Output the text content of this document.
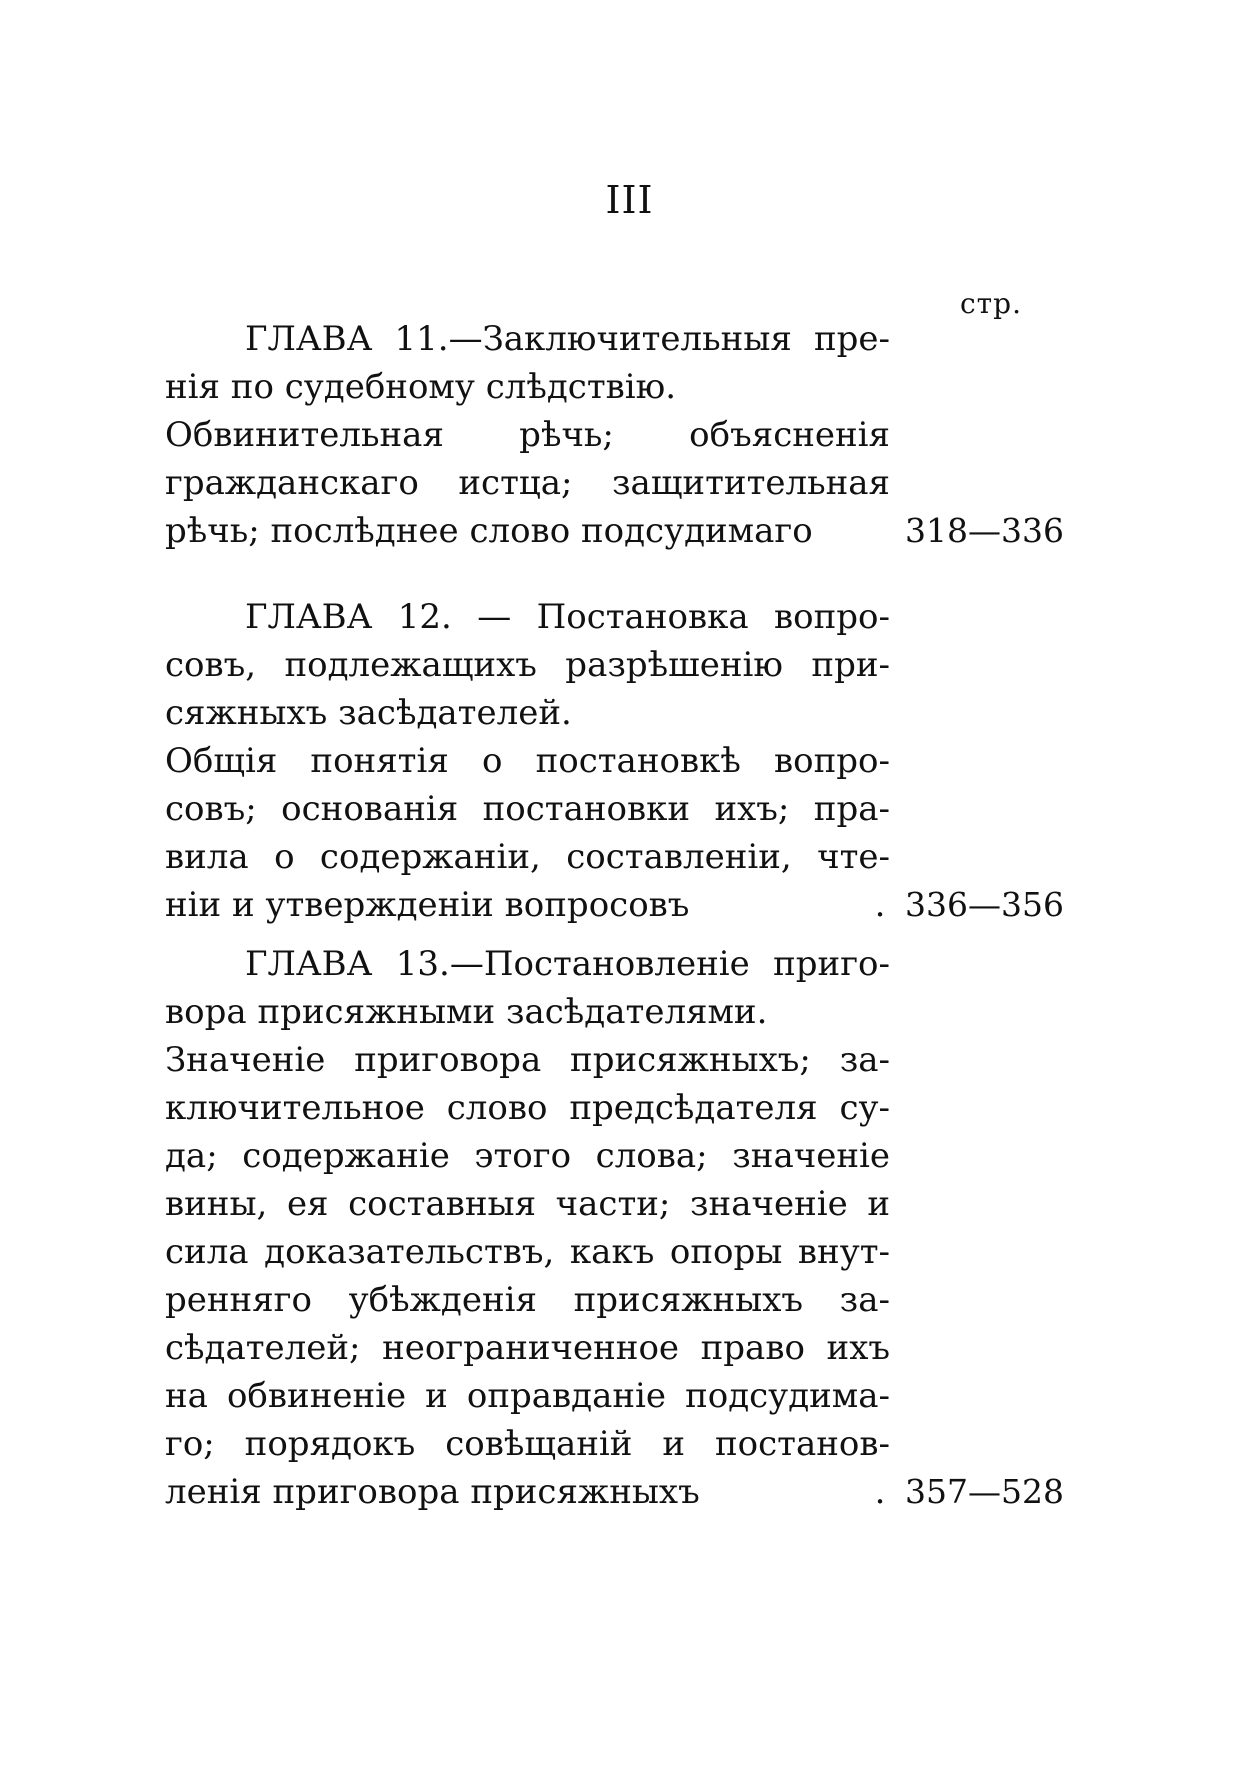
III
стр.
ГЛАВА 11.—Заключительныя пре-
нія по судебному слѣдствію.
Обвинительная рѣчь; объясненія
гражданскаго истца; защитительная
рѣчь; послѣднее слово подсудимаго	318—336
ГЛАВА 12. — Постановка вопро-
совъ, подлежащихъ разрѣшенію при-
сяжныхъ засѣдателей.
Общія понятія о постановкѣ вопро-
совъ; основанія постановки ихъ; пра-
вила о содержаніи, составленіи, чте-
ніи и утвержденіи вопросовъ	. 336—356
ГЛАВА 13.—Постановленіе приго-
вора присяжными засѣдателями.
Значеніе приговора присяжныхъ; за-
ключительное слово предсѣдателя су-
да; содержаніе этого слова; значеніе
вины, ея составныя части; значеніе и
сила доказательствъ, какъ опоры внут-
ренняго убѣжденія присяжныхъ за-
сѣдателей; неограниченное право ихъ
на обвиненіе и оправданіе подсудима-
го; порядокъ совѣщаній и постанов-
ленія приговора присяжныхъ	. 357—528
